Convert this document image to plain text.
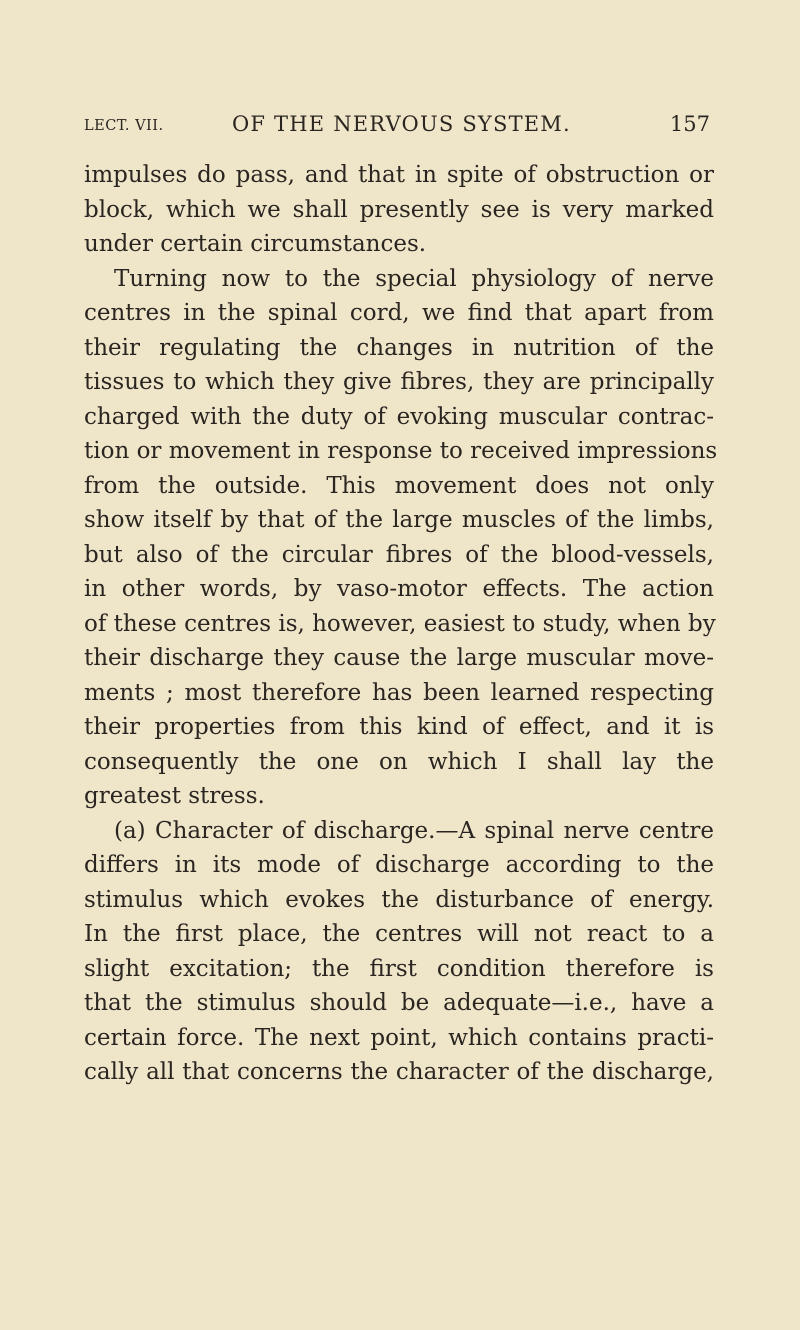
LECT. VII.	OF THE NERVOUS SYSTEM.	157
impulses do pass, and that in spite of obstruction or
block, which we shall presently see is very marked
under certain circumstances.
Turning now to the special physiology of nerve
centres in the spinal cord, we find that apart from
their regulating the changes in nutrition of the
tissues to which they give fibres, they are principally
charged with the duty of evoking muscular contrac-
tion or movement in response to received impressions
from the outside. This movement does not only
show itself by that of the large muscles of the limbs,
but also of the circular fibres of the blood-vessels,
in other words, by vaso-motor effects. The action
of these centres is, however, easiest to study, when by
their discharge they cause the large muscular move-
ments ; most therefore has been learned respecting
their properties from this kind of effect, and it is
consequently the one on which I shall lay the
greatest stress.
(a) Character of discharge.—A spinal nerve centre
differs in its mode of discharge according to the
stimulus which evokes the disturbance of energy.
In the first place, the centres will not react to a
slight excitation; the first condition therefore is
that the stimulus should be adequate—i.e., have a
certain force. The next point, which contains practi-
cally all that concerns the character of the discharge,
